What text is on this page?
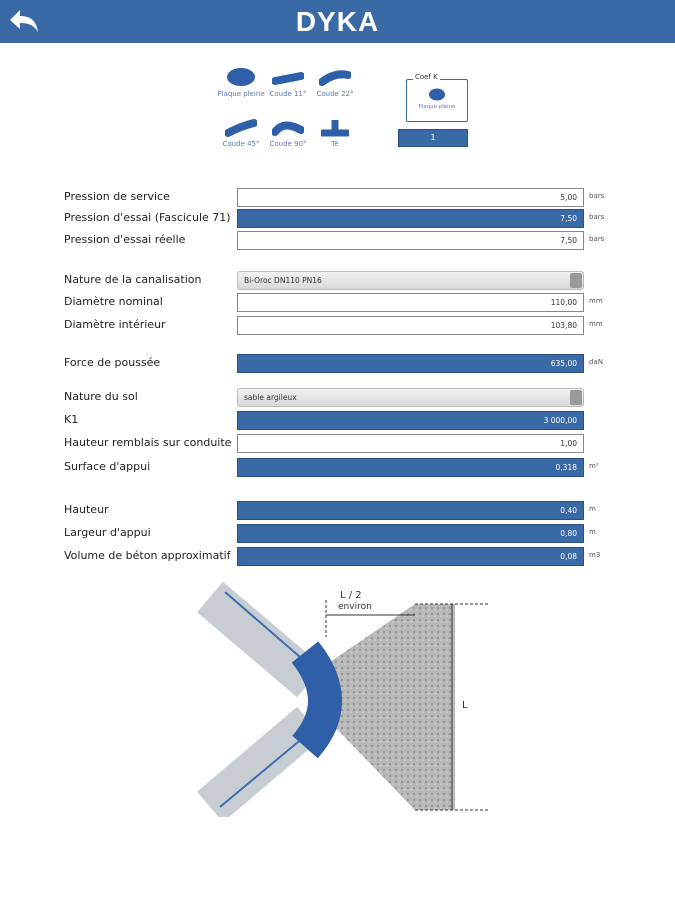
DYKA
Plaque pleine Coude 11°	Coude 22°
Coude 45°	Coude 90°	Té
Coef K
Plaque pleine
1
Pression de service	5,00	bars
Pression d'essai (Fascicule 71)	7,50	bars
Pression d'essai réelle	7,50	bars
Nature de la canalisation	Bi-Oroc DN110 PN16
Diamètre nominal	110,00	mm
Diamètre intérieur	103,80	mm
Force de poussée	635,00	daN
Nature du sol	sable argileux
K1	3 000,00
Hauteur remblais sur conduite	1,00
Surface d'appui	0,318	m²
Hauteur	0,40	m
Largeur d'appui	0,80	m
Volume de béton approximatif	0,08	m3
L / 2
environ
L
